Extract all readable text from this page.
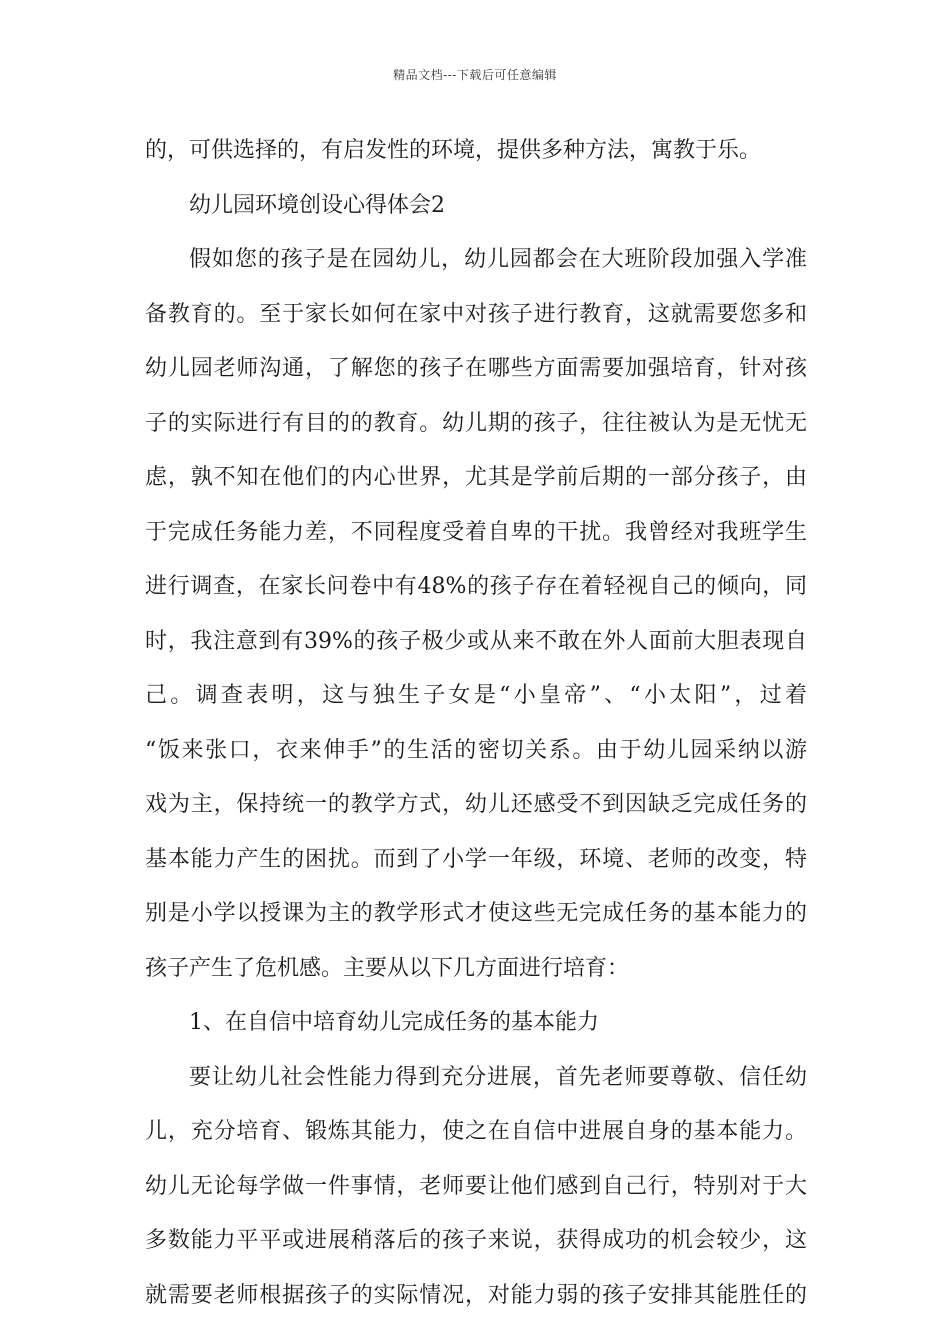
精品文档---下载后可任意编辑
的，可供选择的，有启发性的环境，提供多种方法，寓教于乐。
幼儿园环境创设心得体会2
假如您的孩子是在园幼儿，幼儿园都会在大班阶段加强入学准
备教育的。至于家长如何在家中对孩子进行教育，这就需要您多和
幼儿园老师沟通，了解您的孩子在哪些方面需要加强培育，针对孩
子的实际进行有目的的教育。幼儿期的孩子，往往被认为是无忧无
虑，孰不知在他们的内心世界，尤其是学前后期的一部分孩子，由
于完成任务能力差，不同程度受着自卑的干扰。我曾经对我班学生
进行调查，在家长问卷中有48%的孩子存在着轻视自己的倾向，同
时，我注意到有39%的孩子极少或从来不敢在外人面前大胆表现自
己。调查表明，这与独生子女是“小皇帝”、“小太阳”，过着
“饭来张口，衣来伸手”的生活的密切关系。由于幼儿园采纳以游
戏为主，保持统一的教学方式，幼儿还感受不到因缺乏完成任务的
基本能力产生的困扰。而到了小学一年级，环境、老师的改变，特
别是小学以授课为主的教学形式才使这些无完成任务的基本能力的
孩子产生了危机感。主要从以下几方面进行培育：
1、在自信中培育幼儿完成任务的基本能力
要让幼儿社会性能力得到充分进展，首先老师要尊敬、信任幼
儿，充分培育、锻炼其能力，使之在自信中进展自身的基本能力。
幼儿无论每学做一件事情，老师要让他们感到自己行，特别对于大
多数能力平平或进展稍落后的孩子来说，获得成功的机会较少，这
就需要老师根据孩子的实际情况，对能力弱的孩子安排其能胜任的
